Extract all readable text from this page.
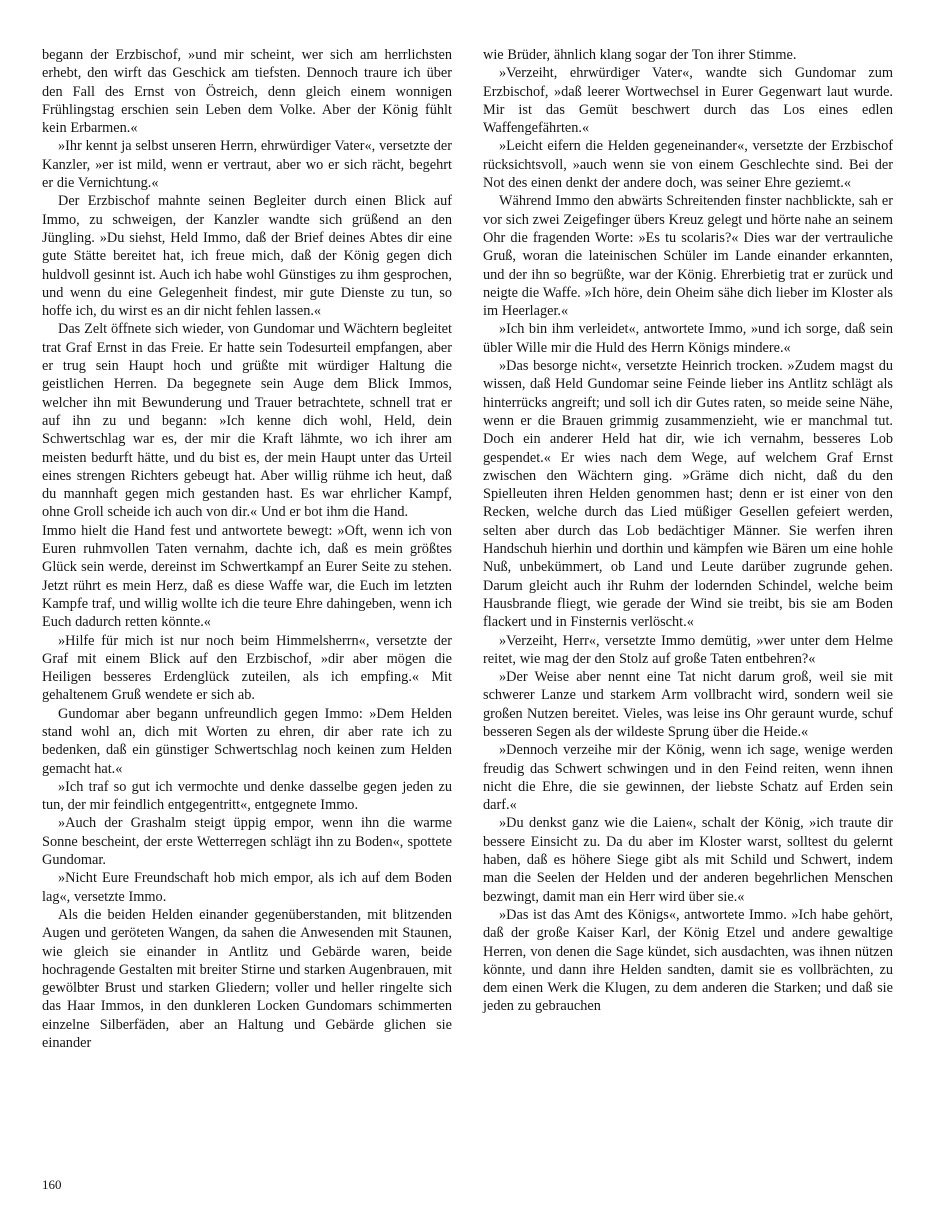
begann der Erzbischof, »und mir scheint, wer sich am herrlichsten erhebt, den wirft das Geschick am tiefsten. Dennoch traure ich über den Fall des Ernst von Östreich, denn gleich einem wonnigen Frühlingstag erschien sein Leben dem Volke. Aber der König fühlt kein Erbarmen.«

»Ihr kennt ja selbst unseren Herrn, ehrwürdiger Vater«, versetzte der Kanzler, »er ist mild, wenn er vertraut, aber wo er sich rächt, begehrt er die Vernichtung.«

Der Erzbischof mahnte seinen Begleiter durch einen Blick auf Immo, zu schweigen, der Kanzler wandte sich grüßend an den Jüngling. »Du siehst, Held Immo, daß der Brief deines Abtes dir eine gute Stätte bereitet hat, ich freue mich, daß der König gegen dich huldvoll gesinnt ist. Auch ich habe wohl Günstiges zu ihm gesprochen, und wenn du eine Gelegenheit findest, mir gute Dienste zu tun, so hoffe ich, du wirst es an dir nicht fehlen lassen.«

Das Zelt öffnete sich wieder, von Gundomar und Wächtern begleitet trat Graf Ernst in das Freie. Er hatte sein Todesurteil empfangen, aber er trug sein Haupt hoch und grüßte mit würdiger Haltung die geistlichen Herren. Da begegnete sein Auge dem Blick Immos, welcher ihn mit Bewunderung und Trauer betrachtete, schnell trat er auf ihn zu und begann: »Ich kenne dich wohl, Held, dein Schwertschlag war es, der mir die Kraft lähmte, wo ich ihrer am meisten bedurft hätte, und du bist es, der mein Haupt unter das Urteil eines strengen Richters gebeugt hat. Aber willig rühme ich heut, daß du mannhaft gegen mich gestanden hast. Es war ehrlicher Kampf, ohne Groll scheide ich auch von dir.« Und er bot ihm die Hand.

Immo hielt die Hand fest und antwortete bewegt: »Oft, wenn ich von Euren ruhmvollen Taten vernahm, dachte ich, daß es mein größtes Glück sein werde, dereinst im Schwertkampf an Eurer Seite zu stehen. Jetzt rührt es mein Herz, daß es diese Waffe war, die Euch im letzten Kampfe traf, und willig wollte ich die teure Ehre dahingeben, wenn ich Euch dadurch retten könnte.«

»Hilfe für mich ist nur noch beim Himmelsherrn«, versetzte der Graf mit einem Blick auf den Erzbischof, »dir aber mögen die Heiligen besseres Erdenglück zuteilen, als ich empfing.« Mit gehaltenem Gruß wendete er sich ab.

Gundomar aber begann unfreundlich gegen Immo: »Dem Helden stand wohl an, dich mit Worten zu ehren, dir aber rate ich zu bedenken, daß ein günstiger Schwertschlag noch keinen zum Helden gemacht hat.«

»Ich traf so gut ich vermochte und denke dasselbe gegen jeden zu tun, der mir feindlich entgegentritt«, entgegnete Immo.

»Auch der Grashalm steigt üppig empor, wenn ihn die warme Sonne bescheint, der erste Wetterregen schlägt ihn zu Boden«, spottete Gundomar.

»Nicht Eure Freundschaft hob mich empor, als ich auf dem Boden lag«, versetzte Immo.

Als die beiden Helden einander gegenüberstanden, mit blitzenden Augen und geröteten Wangen, da sahen die Anwesenden mit Staunen, wie gleich sie einander in Antlitz und Gebärde waren, beide hochragende Gestalten mit breiter Stirne und starken Augenbrauen, mit gewölbter Brust und starken Gliedern; voller und heller ringelte sich das Haar Immos, in den dunkleren Locken Gundomars schimmerten einzelne Silberfäden, aber an Haltung und Gebärde glichen sie einander

wie Brüder, ähnlich klang sogar der Ton ihrer Stimme.

»Verzeiht, ehrwürdiger Vater«, wandte sich Gundomar zum Erzbischof, »daß leerer Wortwechsel in Eurer Gegenwart laut wurde. Mir ist das Gemüt beschwert durch das Los eines edlen Waffengefährten.«

»Leicht eifern die Helden gegeneinander«, versetzte der Erzbischof rücksichtsvoll, »auch wenn sie von einem Geschlechte sind. Bei der Not des einen denkt der andere doch, was seiner Ehre geziemt.«

Während Immo den abwärts Schreitenden finster nachblickte, sah er vor sich zwei Zeigefinger übers Kreuz gelegt und hörte nahe an seinem Ohr die fragenden Worte: »Es tu scolaris?« Dies war der vertrauliche Gruß, woran die lateinischen Schüler im Lande einander erkannten, und der ihn so begrüßte, war der König. Ehrerbietig trat er zurück und neigte die Waffe. »Ich höre, dein Oheim sähe dich lieber im Kloster als im Heerlager.«

»Ich bin ihm verleidet«, antwortete Immo, »und ich sorge, daß sein übler Wille mir die Huld des Herrn Königs mindere.«

»Das besorge nicht«, versetzte Heinrich trocken. »Zudem magst du wissen, daß Held Gundomar seine Feinde lieber ins Antlitz schlägt als hinterrücks angreift; und soll ich dir Gutes raten, so meide seine Nähe, wenn er die Brauen grimmig zusammenzieht, wie er manchmal tut. Doch ein anderer Held hat dir, wie ich vernahm, besseres Lob gespendet.« Er wies nach dem Wege, auf welchem Graf Ernst zwischen den Wächtern ging. »Gräme dich nicht, daß du den Spielleuten ihren Helden genommen hast; denn er ist einer von den Recken, welche durch das Lied müßiger Gesellen gefeiert werden, selten aber durch das Lob bedächtiger Männer. Sie werfen ihren Handschuh hierhin und dorthin und kämpfen wie Bären um eine hohle Nuß, unbekümmert, ob Land und Leute darüber zugrunde gehen. Darum gleicht auch ihr Ruhm der lodernden Schindel, welche beim Hausbrande fliegt, wie gerade der Wind sie treibt, bis sie am Boden flackert und in Finsternis verlöscht.«

»Verzeiht, Herr«, versetzte Immo demütig, »wer unter dem Helme reitet, wie mag der den Stolz auf große Taten entbehren?«

»Der Weise aber nennt eine Tat nicht darum groß, weil sie mit schwerer Lanze und starkem Arm vollbracht wird, sondern weil sie großen Nutzen bereitet. Vieles, was leise ins Ohr geraunt wurde, schuf besseren Segen als der wildeste Sprung über die Heide.«

»Dennoch verzeihe mir der König, wenn ich sage, wenige werden freudig das Schwert schwingen und in den Feind reiten, wenn ihnen nicht die Ehre, die sie gewinnen, der liebste Schatz auf Erden sein darf.«

»Du denkst ganz wie die Laien«, schalt der König, »ich traute dir bessere Einsicht zu. Da du aber im Kloster warst, solltest du gelernt haben, daß es höhere Siege gibt als mit Schild und Schwert, indem man die Seelen der Helden und der anderen begehrlichen Menschen bezwingt, damit man ein Herr wird über sie.«

»Das ist das Amt des Königs«, antwortete Immo. »Ich habe gehört, daß der große Kaiser Karl, der König Etzel und andere gewaltige Herren, von denen die Sage kündet, sich ausdachten, was ihnen nützen könnte, und dann ihre Helden sandten, damit sie es vollbrächten, zu dem einen Werk die Klugen, zu dem anderen die Starken; und daß sie jeden zu gebrauchen

160
